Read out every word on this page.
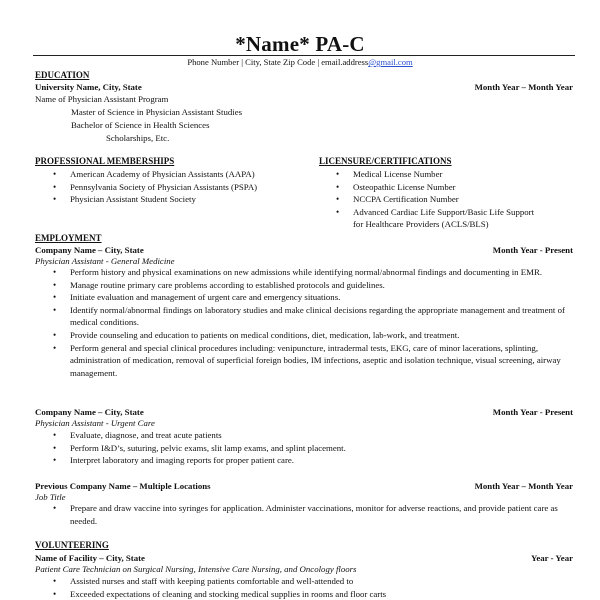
*Name* PA-C
Phone Number | City, State Zip Code | email.address@gmail.com
EDUCATION
University Name, City, State	Month Year – Month Year
Name of Physician Assistant Program
Master of Science in Physician Assistant Studies
Bachelor of Science in Health Sciences
Scholarships, Etc.
PROFESSIONAL MEMBERSHIPS
• American Academy of Physician Assistants (AAPA)
• Pennsylvania Society of Physician Assistants (PSPA)
• Physician Assistant Student Society
LICENSURE/CERTIFICATIONS
• Medical License Number
• Osteopathic License Number
• NCCPA Certification Number
• Advanced Cardiac Life Support/Basic Life Support
for Healthcare Providers (ACLS/BLS)
EMPLOYMENT
Company Name – City, State	Month Year - Present
Physician Assistant - General Medicine
• Perform history and physical examinations on new admissions while identifying normal/abnormal findings and documenting in EMR.
• Manage routine primary care problems according to established protocols and guidelines.
• Initiate evaluation and management of urgent care and emergency situations.
• Identify normal/abnormal findings on laboratory studies and make clinical decisions regarding the appropriate management and treatment of medical conditions.
• Provide counseling and education to patients on medical conditions, diet, medication, lab-work, and treatment.
• Perform general and special clinical procedures including: venipuncture, intradermal tests, EKG, care of minor lacerations, splinting, administration of medication, removal of superficial foreign bodies, IM infections, aseptic and isolation technique, visual screening, airway management.
Company Name – City, State	Month Year - Present
Physician Assistant - Urgent Care
• Evaluate, diagnose, and treat acute patients
• Perform I&D’s, suturing, pelvic exams, slit lamp exams, and splint placement.
• Interpret laboratory and imaging reports for proper patient care.
Previous Company Name – Multiple Locations	Month Year – Month Year
Job Title
• Prepare and draw vaccine into syringes for application. Administer vaccinations, monitor for adverse reactions, and provide patient care as needed.
VOLUNTEERING
Name of Facility – City, State	Year - Year
Patient Care Technician on Surgical Nursing, Intensive Care Nursing, and Oncology floors
• Assisted nurses and staff with keeping patients comfortable and well-attended to
• Exceeded expectations of cleaning and stocking medical supplies in rooms and floor carts
